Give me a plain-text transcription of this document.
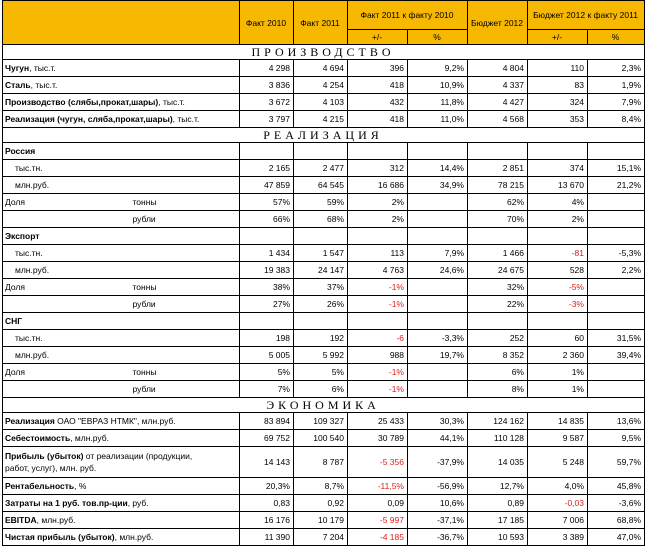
		Факт 2010	Факт 2011	Факт 2011 к факту 2010		Бюджет 2012	Бюджет 2012 к факту 2011	
				+/-	%		+/-	%
ПРОИЗВОДСТВО								
Чугун, тыс.т.		4 298	4 694	396	9,2%	4 804	110	2,3%
Сталь, тыс.т.		3 836	4 254	418	10,9%	4 337	83	1,9%
Производство (слябы,прокат,шары), тыс.т.		3 672	4 103	432	11,8%	4 427	324	7,9%
Реализация (чугун, сляба,прокат,шары), тыс.т.		3 797	4 215	418	11,0%	4 568	353	8,4%
РЕАЛИЗАЦИЯ								
Россия								
тыс.тн.		2 165	2 477	312	14,4%	2 851	374	15,1%
млн.руб.		47 859	64 545	16 686	34,9%	78 215	13 670	21,2%
Доля	тонны	57%	59%	2%		62%	4%	
	рубли	66%	68%	2%		70%	2%	
Экспорт								
тыс.тн.		1 434	1 547	113	7,9%	1 466	-81	-5,3%
млн.руб.		19 383	24 147	4 763	24,6%	24 675	528	2,2%
Доля	тонны	38%	37%	-1%		32%	-5%	
	рубли	27%	26%	-1%		22%	-3%	
СНГ								
тыс.тн.		198	192	-6	-3,3%	252	60	31,5%
млн.руб.		5 005	5 992	988	19,7%	8 352	2 360	39,4%
Доля	тонны	5%	5%	-1%		6%	1%	
	рубли	7%	6%	-1%		8%	1%	
ЭКОНОМИКА								
Реализация ОАО "ЕВРАЗ НТМК", млн.руб.		83 894	109 327	25 433	30,3%	124 162	14 835	13,6%
Себестоимость, млн.руб.		69 752	100 540	30 789	44,1%	110 128	9 587	9,5%
Прибыль (убыток) от реализации (продукции,
работ, услуг), млн. руб.		14 143	8 787	-5 356	-37,9%	14 035	5 248	59,7%
Рентабельность, %		20,3%	8,7%	-11,5%	-56,9%	12,7%	4,0%	45,8%
Затраты на 1 руб. тов.пр-ции, руб.		0,83	0,92	0,09	10,6%	0,89	-0,03	-3,6%
EBITDA, млн.руб.		16 176	10 179	-5 997	-37,1%	17 185	7 006	68,8%
Чистая прибыль (убыток), млн.руб.		11 390	7 204	-4 185	-36,7%	10 593	3 389	47,0%
